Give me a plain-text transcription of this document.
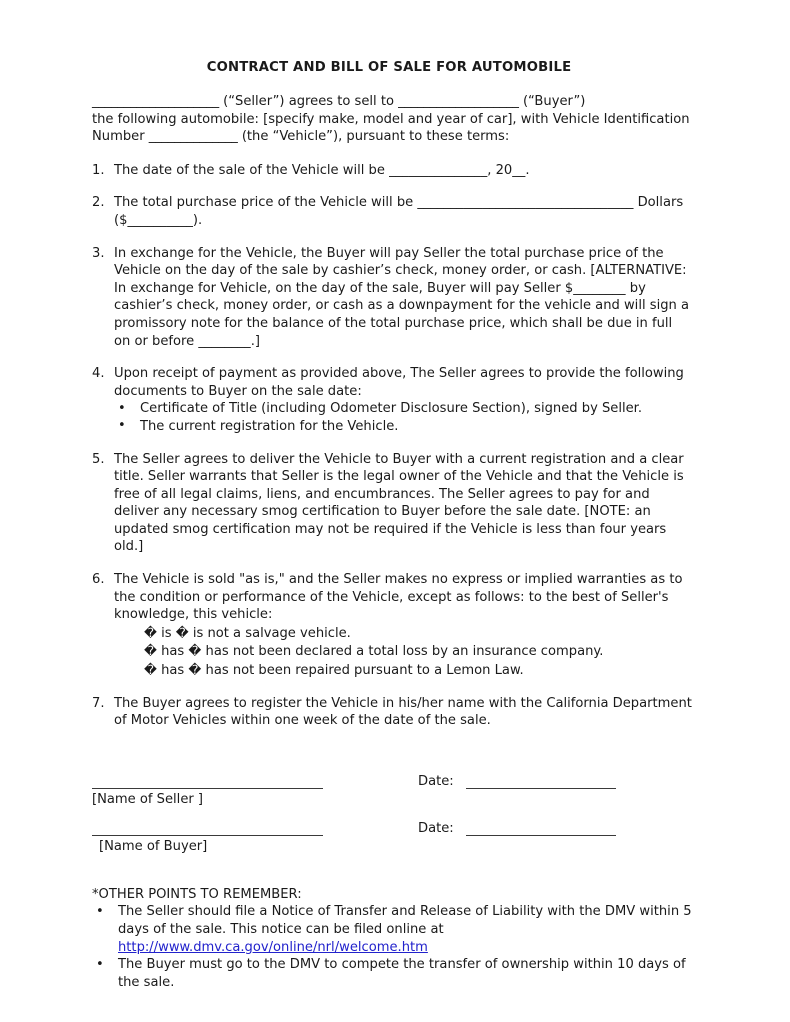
CONTRACT AND BILL OF SALE FOR AUTOMOBILE

____________________ (“Seller”) agrees to sell to ___________________ (“Buyer”)
the following automobile: [specify make, model and year of car], with Vehicle Identification
Number ______________ (the “Vehicle”), pursuant to these terms:

1. The date of the sale of the Vehicle will be _______________, 20__.
2. The total purchase price of the Vehicle will be _________________________________ Dollars ($__________).
3. In exchange for the Vehicle, the Buyer will pay Seller the total purchase price of the Vehicle on the day of the sale by cashier’s check, money order, or cash. [ALTERNATIVE: In exchange for Vehicle, on the day of the sale, Buyer will pay Seller $________ by cashier’s check, money order, or cash as a downpayment for the vehicle and will sign a promissory note for the balance of the total purchase price, which shall be due in full on or before ________.]
4. Upon receipt of payment as provided above, The Seller agrees to provide the following documents to Buyer on the sale date:
• Certificate of Title (including Odometer Disclosure Section), signed by Seller.
• The current registration for the Vehicle.
5. The Seller agrees to deliver the Vehicle to Buyer with a current registration and a clear title. Seller warrants that Seller is the legal owner of the Vehicle and that the Vehicle is free of all legal claims, liens, and encumbrances. The Seller agrees to pay for and deliver any necessary smog certification to Buyer before the sale date. [NOTE: an updated smog certification may not be required if the Vehicle is less than four years old.]
6. The Vehicle is sold "as is," and the Seller makes no express or implied warranties as to the condition or performance of the Vehicle, except as follows: to the best of Seller's knowledge, this vehicle:
� is � is not a salvage vehicle.
� has � has not been declared a total loss by an insurance company.
� has � has not been repaired pursuant to a Lemon Law.
7. The Buyer agrees to register the Vehicle in his/her name with the California Department of Motor Vehicles within one week of the date of the sale.
[Name of Seller ]
Date:
[Name of Buyer]
Date:

*OTHER POINTS TO REMEMBER:

• The Seller should file a Notice of Transfer and Release of Liability with the DMV within 5 days of the sale. This notice can be filed online at
http://www.dmv.ca.gov/online/nrl/welcome.htm
• The Buyer must go to the DMV to compete the transfer of ownership within 10 days of the sale.
